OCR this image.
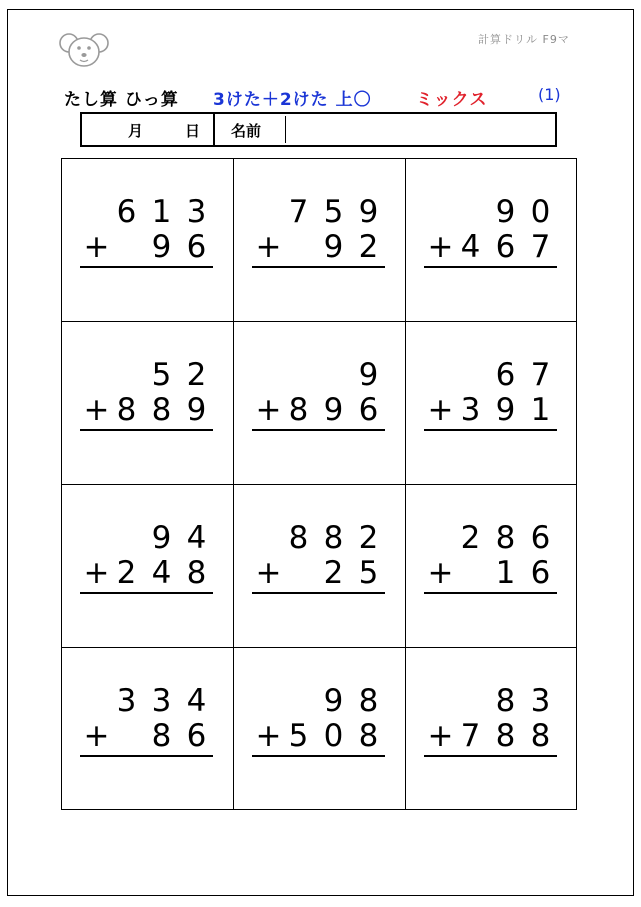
計算ドリル F9マ
たし算 ひっ算 3けた＋2けた 上〇	ミックス	(1)
月	日 名前
6 1 3
+ 9 6
7 5 9
+ 9 2
9 0
+ 4 6 7
5 2
+ 8 8 9
9
+ 8 9 6
6 7
+ 3 9 1
9 4
+ 2 4 8
8 8 2
+ 2 5
2 8 6
+ 1 6
3 3 4
+ 8 6
9 8
+ 5 0 8
8 3
+ 7 8 8
